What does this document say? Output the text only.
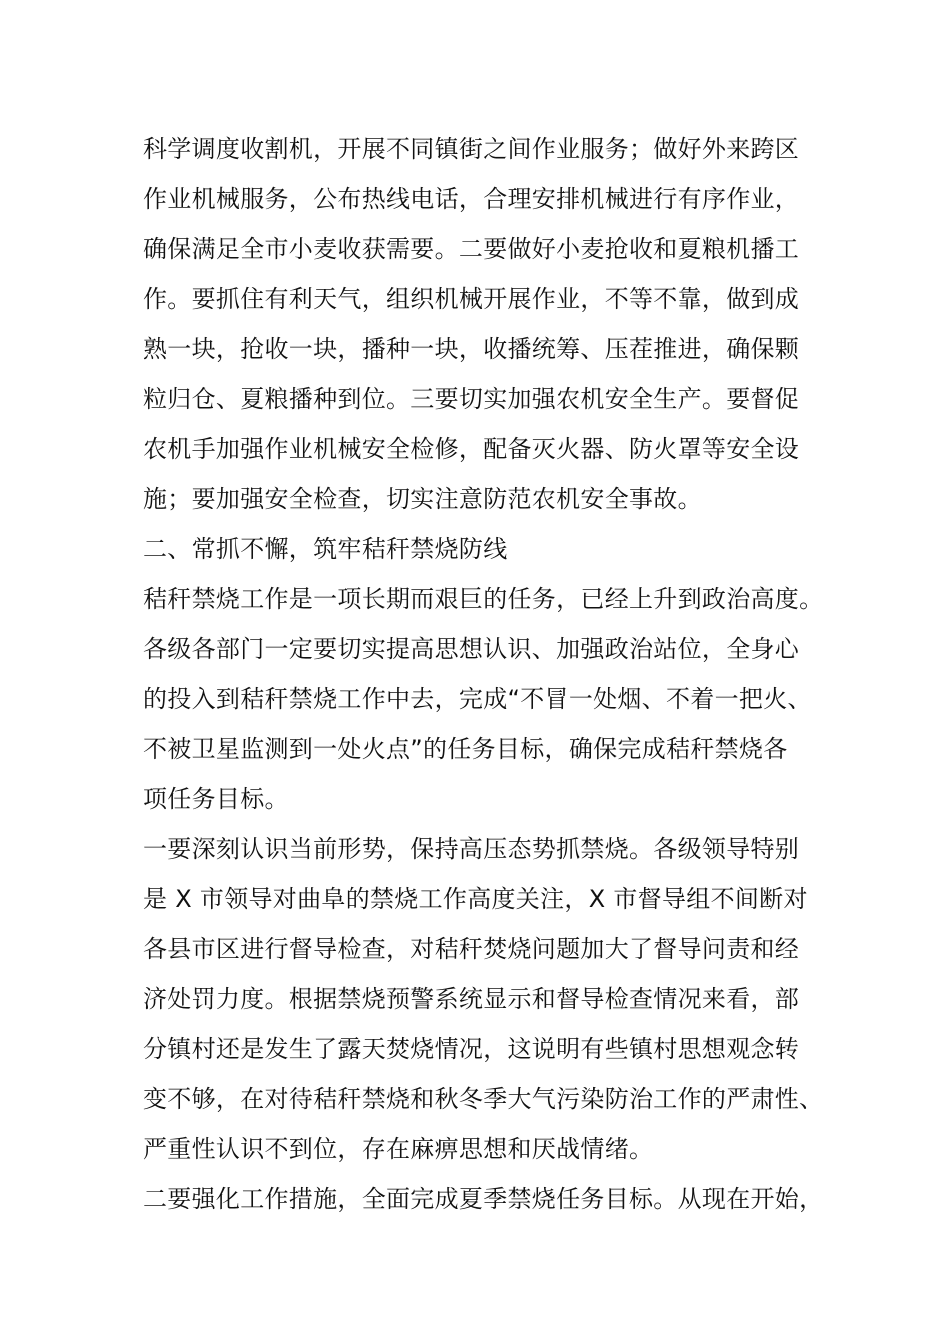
科学调度收割机，开展不同镇街之间作业服务；做好外来跨区
作业机械服务，公布热线电话，合理安排机械进行有序作业，
确保满足全市小麦收获需要。二要做好小麦抢收和夏粮机播工
作。要抓住有利天气，组织机械开展作业，不等不靠，做到成
熟一块，抢收一块，播种一块，收播统筹、压茬推进，确保颗
粒归仓、夏粮播种到位。三要切实加强农机安全生产。要督促
农机手加强作业机械安全检修，配备灭火器、防火罩等安全设
施；要加强安全检查，切实注意防范农机安全事故。
二、常抓不懈，筑牢秸秆禁烧防线
秸秆禁烧工作是一项长期而艰巨的任务，已经上升到政治高度。
各级各部门一定要切实提高思想认识、加强政治站位，全身心
的投入到秸秆禁烧工作中去，完成“不冒一处烟、不着一把火、
不被卫星监测到一处火点”的任务目标，确保完成秸秆禁烧各
项任务目标。
一要深刻认识当前形势，保持高压态势抓禁烧。各级领导特别
是 X 市领导对曲阜的禁烧工作高度关注，X 市督导组不间断对
各县市区进行督导检查，对秸秆焚烧问题加大了督导问责和经
济处罚力度。根据禁烧预警系统显示和督导检查情况来看，部
分镇村还是发生了露天焚烧情况，这说明有些镇村思想观念转
变不够，在对待秸秆禁烧和秋冬季大气污染防治工作的严肃性、
严重性认识不到位，存在麻痹思想和厌战情绪。
二要强化工作措施，全面完成夏季禁烧任务目标。从现在开始，
